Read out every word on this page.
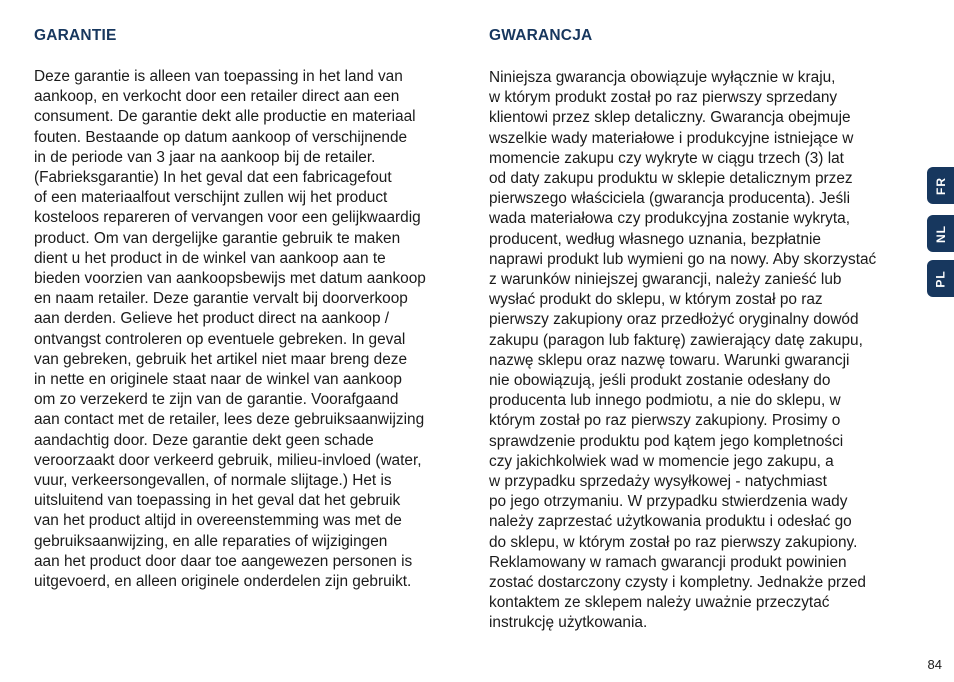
GARANTIE
Deze garantie is alleen van toepassing in het land van
aankoop, en verkocht door een retailer direct aan een
consument. De garantie dekt alle productie en materiaal
fouten. Bestaande op datum aankoop of verschijnende
in de periode van 3 jaar na aankoop bij de retailer.
(Fabrieksgarantie) In het geval dat een fabricagefout
of een materiaalfout verschijnt zullen wij het product
kosteloos repareren of vervangen voor een gelijkwaardig
product. Om van dergelijke garantie gebruik te maken
dient u het product in de winkel van aankoop aan te
bieden voorzien van aankoopsbewijs met datum aankoop
en naam retailer. Deze garantie vervalt bij doorverkoop
aan derden. Gelieve het product direct na aankoop /
ontvangst controleren op eventuele gebreken. In geval
van gebreken, gebruik het artikel niet maar breng deze
in nette en originele staat naar de winkel van aankoop
om zo verzekerd te zijn van de garantie. Voorafgaand
aan contact met de retailer, lees deze gebruiksaanwijzing
aandachtig door. Deze garantie dekt geen schade
veroorzaakt door verkeerd gebruik, milieu-invloed (water,
vuur, verkeersongevallen, of normale slijtage.) Het is
uitsluitend van toepassing in het geval dat het gebruik
van het product altijd in overeenstemming was met de
gebruiksaanwijzing, en alle reparaties of wijzigingen
aan het product door daar toe aangewezen personen is
uitgevoerd, en alleen originele onderdelen zijn gebruikt.
GWARANCJA
Niniejsza gwarancja obowiązuje wyłącznie w kraju,
w którym produkt został po raz pierwszy sprzedany
klientowi przez sklep detaliczny. Gwarancja obejmuje
wszelkie wady materiałowe i produkcyjne istniejące w
momencie zakupu czy wykryte w ciągu trzech (3) lat
od daty zakupu produktu w sklepie detalicznym przez
pierwszego właściciela (gwarancja producenta). Jeśli
wada materiałowa czy produkcyjna zostanie wykryta,
producent, według własnego uznania, bezpłatnie
naprawi produkt lub wymieni go na nowy. Aby skorzystać
z warunków niniejszej gwarancji, należy zanieść lub
wysłać produkt do sklepu, w którym został po raz
pierwszy zakupiony oraz przedłożyć oryginalny dowód
zakupu (paragon lub fakturę) zawierający datę zakupu,
nazwę sklepu oraz nazwę towaru. Warunki gwarancji
nie obowiązują, jeśli produkt zostanie odesłany do
producenta lub innego podmiotu, a nie do sklepu, w
którym został po raz pierwszy zakupiony. Prosimy o
sprawdzenie produktu pod kątem jego kompletności
czy jakichkolwiek wad w momencie jego zakupu, a
w przypadku sprzedaży wysyłkowej - natychmiast
po jego otrzymaniu. W przypadku stwierdzenia wady
należy zaprzestać użytkowania produktu i odesłać go
do sklepu, w którym został po raz pierwszy zakupiony.
Reklamowany w ramach gwarancji produkt powinien
zostać dostarczony czysty i kompletny. Jednakże przed
kontaktem ze sklepem należy uważnie przeczytać
instrukcję użytkowania.
FR
NL
PL
84
